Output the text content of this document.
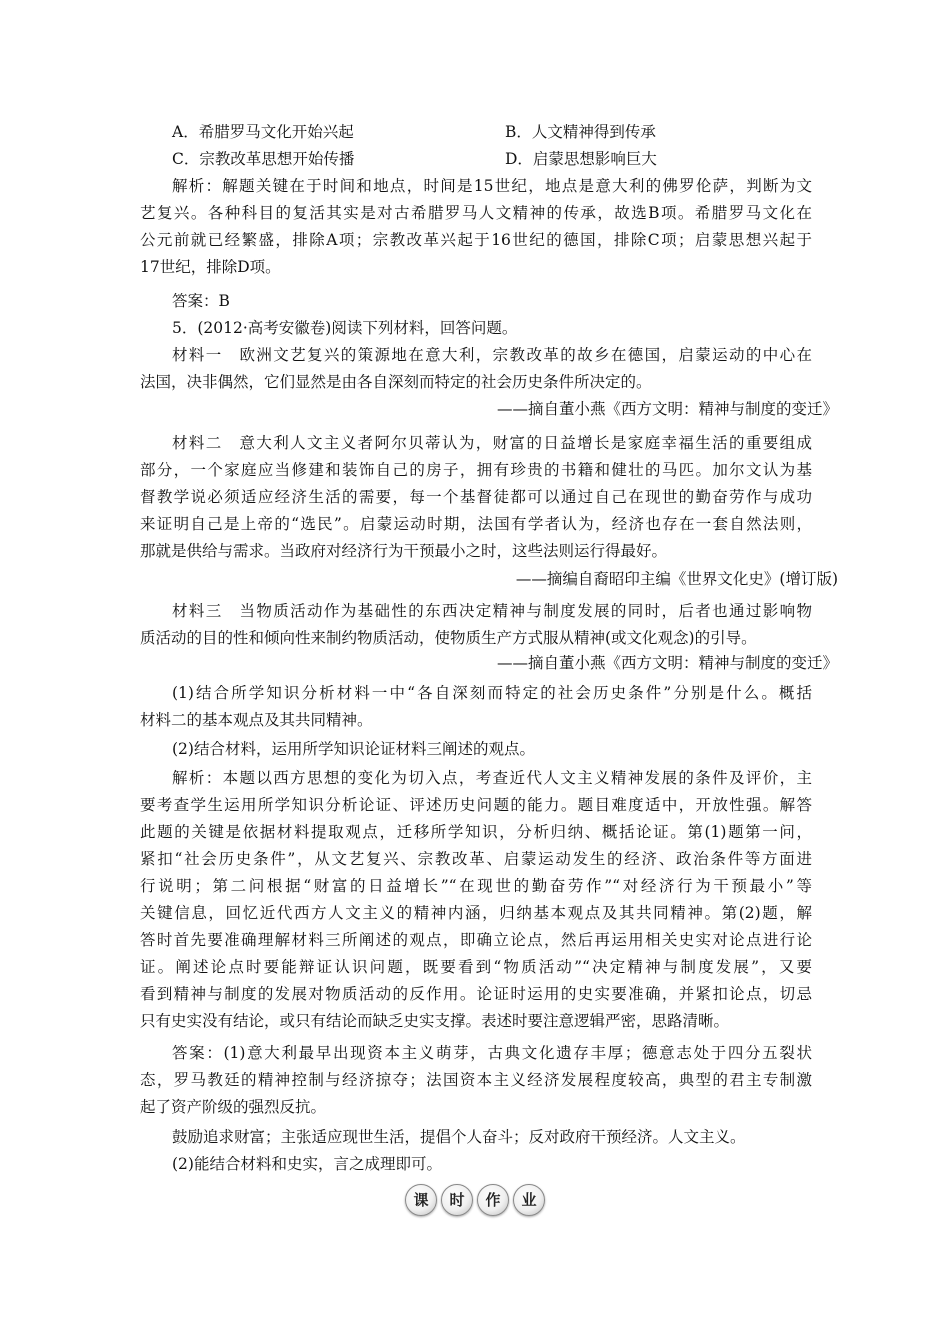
A．希腊罗马文化开始兴起	B．人文精神得到传承
C．宗教改革思想开始传播	D．启蒙思想影响巨大
解析：解题关键在于时间和地点，时间是15世纪，地点是意大利的佛罗伦萨，判断为文
艺复兴。各种科目的复活其实是对古希腊罗马人文精神的传承，故选B项。希腊罗马文化在
公元前就已经繁盛，排除A项；宗教改革兴起于16世纪的德国，排除C项；启蒙思想兴起于
17世纪，排除D项。
答案：B
5．(2012·高考安徽卷)阅读下列材料，回答问题。
材料一　欧洲文艺复兴的策源地在意大利，宗教改革的故乡在德国，启蒙运动的中心在
法国，决非偶然，它们显然是由各自深刻而特定的社会历史条件所决定的。
——摘自董小燕《西方文明：精神与制度的变迁》
材料二　意大利人文主义者阿尔贝蒂认为，财富的日益增长是家庭幸福生活的重要组成
部分，一个家庭应当修建和装饰自己的房子，拥有珍贵的书籍和健壮的马匹。加尔文认为基
督教学说必须适应经济生活的需要，每一个基督徒都可以通过自己在现世的勤奋劳作与成功
来证明自己是上帝的“选民”。启蒙运动时期，法国有学者认为，经济也存在一套自然法则，
那就是供给与需求。当政府对经济行为干预最小之时，这些法则运行得最好。
——摘编自裔昭印主编《世界文化史》(增订版)
材料三　当物质活动作为基础性的东西决定精神与制度发展的同时，后者也通过影响物
质活动的目的性和倾向性来制约物质活动，使物质生产方式服从精神(或文化观念)的引导。
——摘自董小燕《西方文明：精神与制度的变迁》
(1)结合所学知识分析材料一中“各自深刻而特定的社会历史条件”分别是什么。概括
材料二的基本观点及其共同精神。
(2)结合材料，运用所学知识论证材料三阐述的观点。
解析：本题以西方思想的变化为切入点，考查近代人文主义精神发展的条件及评价，主
要考查学生运用所学知识分析论证、评述历史问题的能力。题目难度适中，开放性强。解答
此题的关键是依据材料提取观点，迁移所学知识，分析归纳、概括论证。第(1)题第一问，
紧扣“社会历史条件”，从文艺复兴、宗教改革、启蒙运动发生的经济、政治条件等方面进
行说明；第二问根据“财富的日益增长”“在现世的勤奋劳作”“对经济行为干预最小”等
关键信息，回忆近代西方人文主义的精神内涵，归纳基本观点及其共同精神。第(2)题，解
答时首先要准确理解材料三所阐述的观点，即确立论点，然后再运用相关史实对论点进行论
证。阐述论点时要能辩证认识问题，既要看到“物质活动”“决定精神与制度发展”，又要
看到精神与制度的发展对物质活动的反作用。论证时运用的史实要准确，并紧扣论点，切忌
只有史实没有结论，或只有结论而缺乏史实支撑。表述时要注意逻辑严密，思路清晰。
答案：(1)意大利最早出现资本主义萌芽，古典文化遗存丰厚；德意志处于四分五裂状
态，罗马教廷的精神控制与经济掠夺；法国资本主义经济发展程度较高，典型的君主专制激
起了资产阶级的强烈反抗。
鼓励追求财富；主张适应现世生活，提倡个人奋斗；反对政府干预经济。人文主义。
(2)能结合材料和史实，言之成理即可。
课 时 作 业
